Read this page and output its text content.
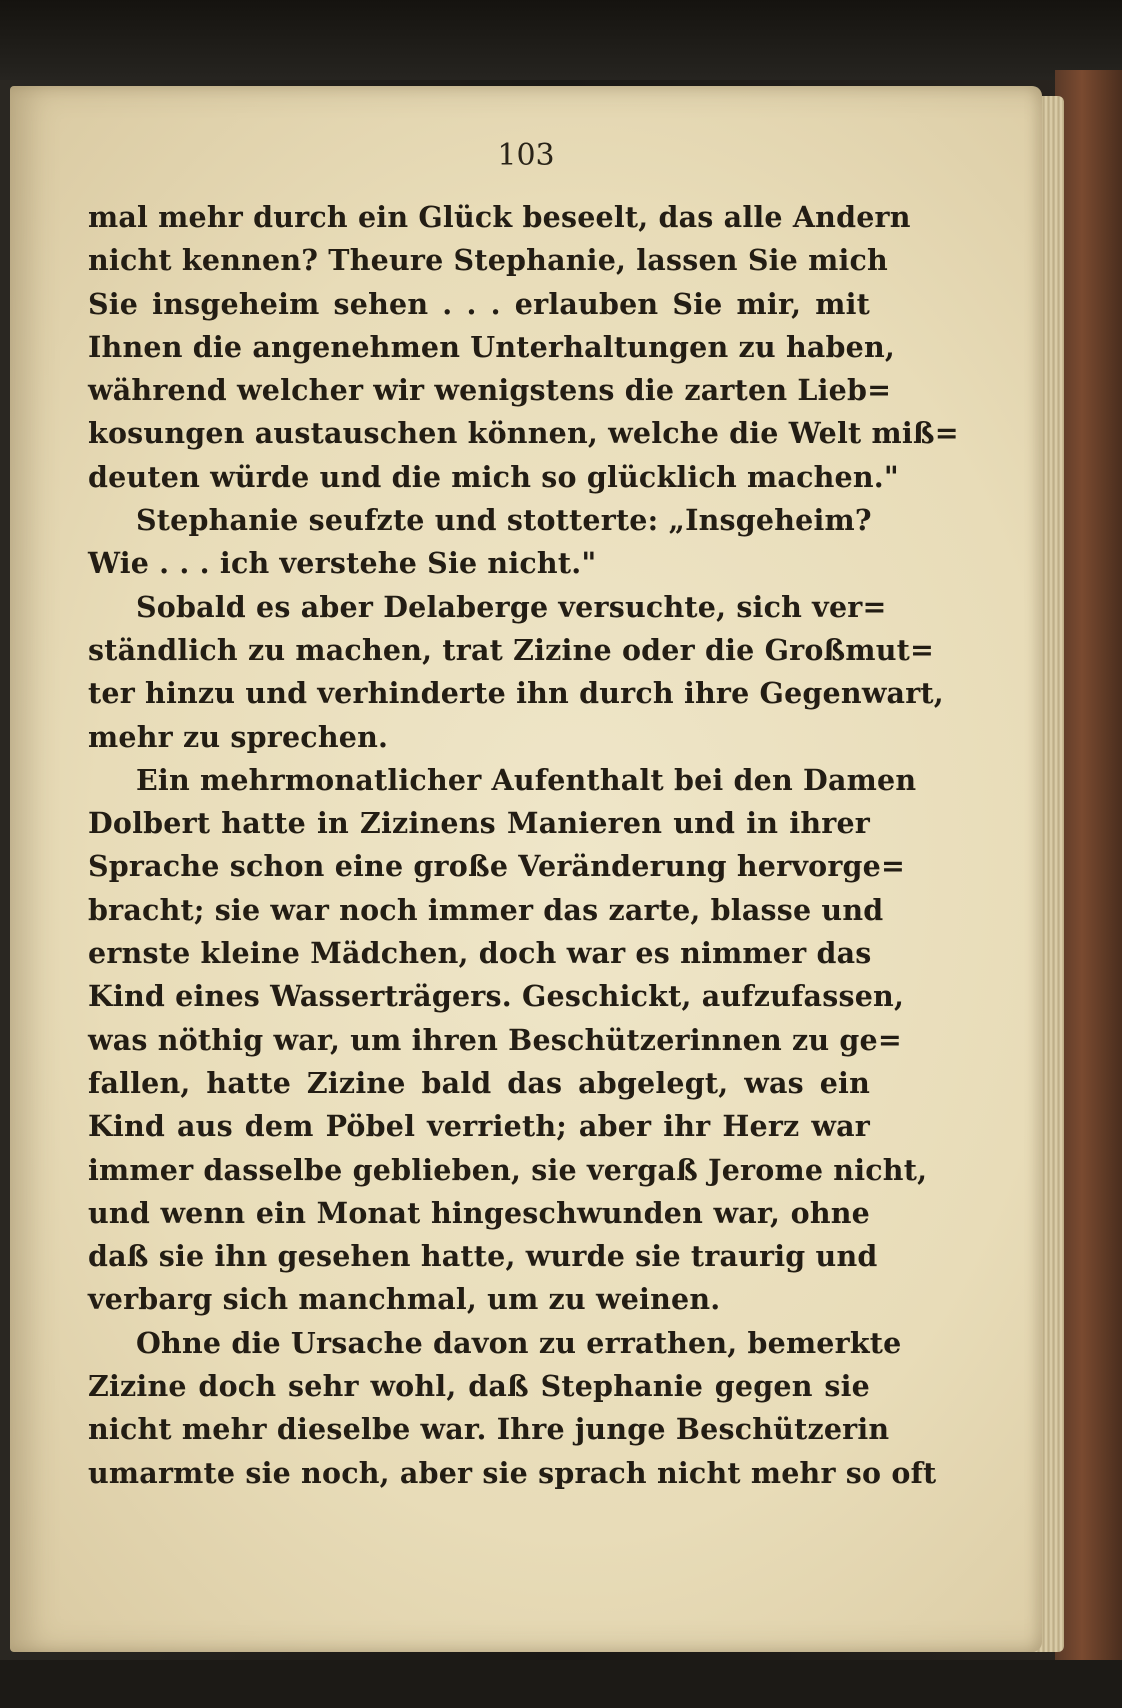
103
mal mehr durch ein Glück beseelt, das alle Andern
nicht kennen? Theure Stephanie, lassen Sie mich
Sie insgeheim sehen . . . erlauben Sie mir, mit
Ihnen die angenehmen Unterhaltungen zu haben,
während welcher wir wenigstens die zarten Lieb=
kosungen austauschen können, welche die Welt miß=
deuten würde und die mich so glücklich machen."
Stephanie seufzte und stotterte: „Insgeheim?
Wie . . . ich verstehe Sie nicht."
Sobald es aber Delaberge versuchte, sich ver=
ständlich zu machen, trat Zizine oder die Großmut=
ter hinzu und verhinderte ihn durch ihre Gegenwart,
mehr zu sprechen.
Ein mehrmonatlicher Aufenthalt bei den Damen
Dolbert hatte in Zizinens Manieren und in ihrer
Sprache schon eine große Veränderung hervorge=
bracht; sie war noch immer das zarte, blasse und
ernste kleine Mädchen, doch war es nimmer das
Kind eines Wasserträgers. Geschickt, aufzufassen,
was nöthig war, um ihren Beschützerinnen zu ge=
fallen, hatte Zizine bald das abgelegt, was ein
Kind aus dem Pöbel verrieth; aber ihr Herz war
immer dasselbe geblieben, sie vergaß Jerome nicht,
und wenn ein Monat hingeschwunden war, ohne
daß sie ihn gesehen hatte, wurde sie traurig und
verbarg sich manchmal, um zu weinen.
Ohne die Ursache davon zu errathen, bemerkte
Zizine doch sehr wohl, daß Stephanie gegen sie
nicht mehr dieselbe war. Ihre junge Beschützerin
umarmte sie noch, aber sie sprach nicht mehr so oft
